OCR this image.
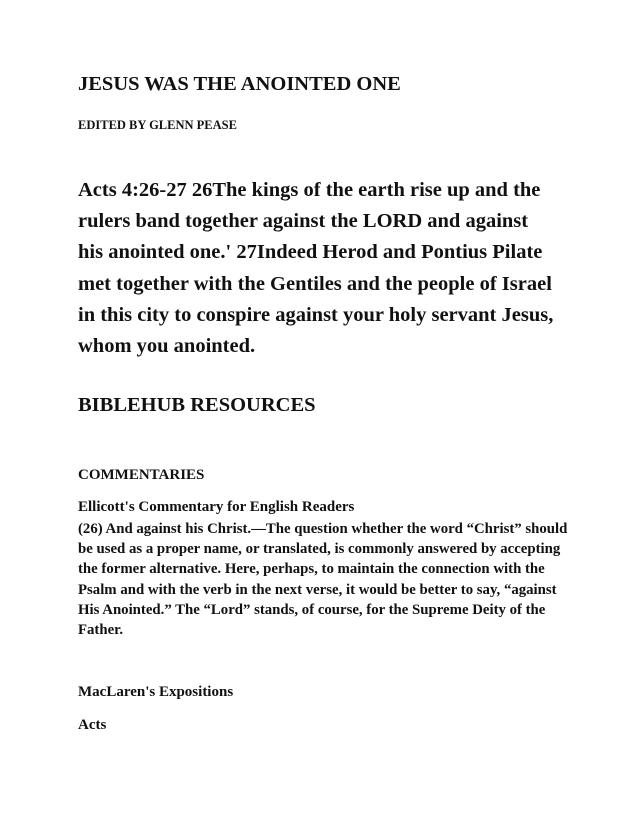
JESUS WAS THE ANOINTED ONE
EDITED BY GLENN PEASE
Acts 4:26-27 26The kings of the earth rise up and the
rulers band together against the LORD and against
his anointed one.' 27Indeed Herod and Pontius Pilate
met together with the Gentiles and the people of Israel
in this city to conspire against your holy servant Jesus,
whom you anointed.
BIBLEHUB RESOURCES
COMMENTARIES
Ellicott's Commentary for English Readers
(26) And against his Christ.—The question whether the word “Christ” should
be used as a proper name, or translated, is commonly answered by accepting
the former alternative. Here, perhaps, to maintain the connection with the
Psalm and with the verb in the next verse, it would be better to say, “against
His Anointed.” The “Lord” stands, of course, for the Supreme Deity of the
Father.
MacLaren's Expositions
Acts
